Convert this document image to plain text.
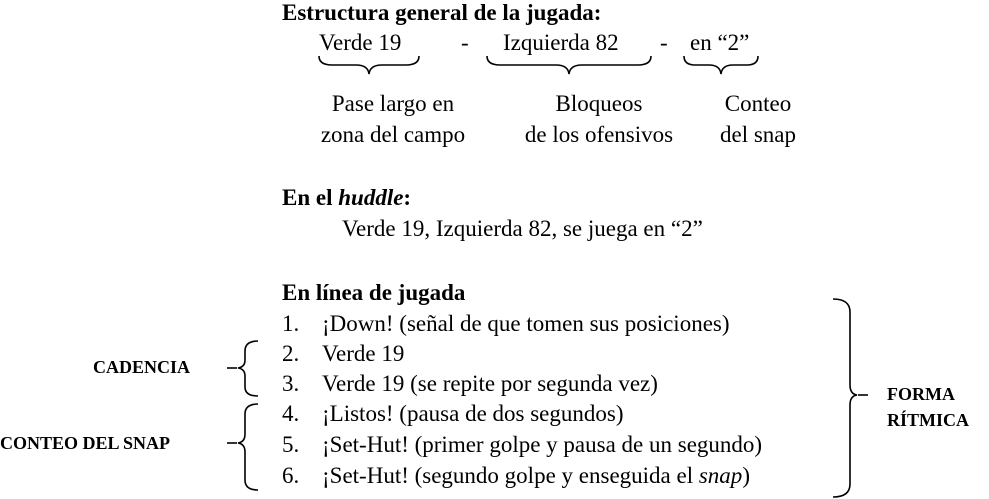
Estructura general de la jugada:
Verde 19	- Izquierda 82 - en “2”
Pase largo en
zona del campo
Bloqueos
de los ofensivos
Conteo
del snap
En el huddle:
Verde 19, Izquierda 82, se juega en “2”
En línea de jugada
1. ¡Down! (señal de que tomen sus posiciones)
2. Verde 19
3. Verde 19 (se repite por segunda vez)
4. ¡Listos! (pausa de dos segundos)
5. ¡Set-Hut! (primer golpe y pausa de un segundo)
6. ¡Set-Hut! (segundo golpe y enseguida el snap)
CADENCIA
CONTEO DEL SNAP
FORMA
RÍTMICA
